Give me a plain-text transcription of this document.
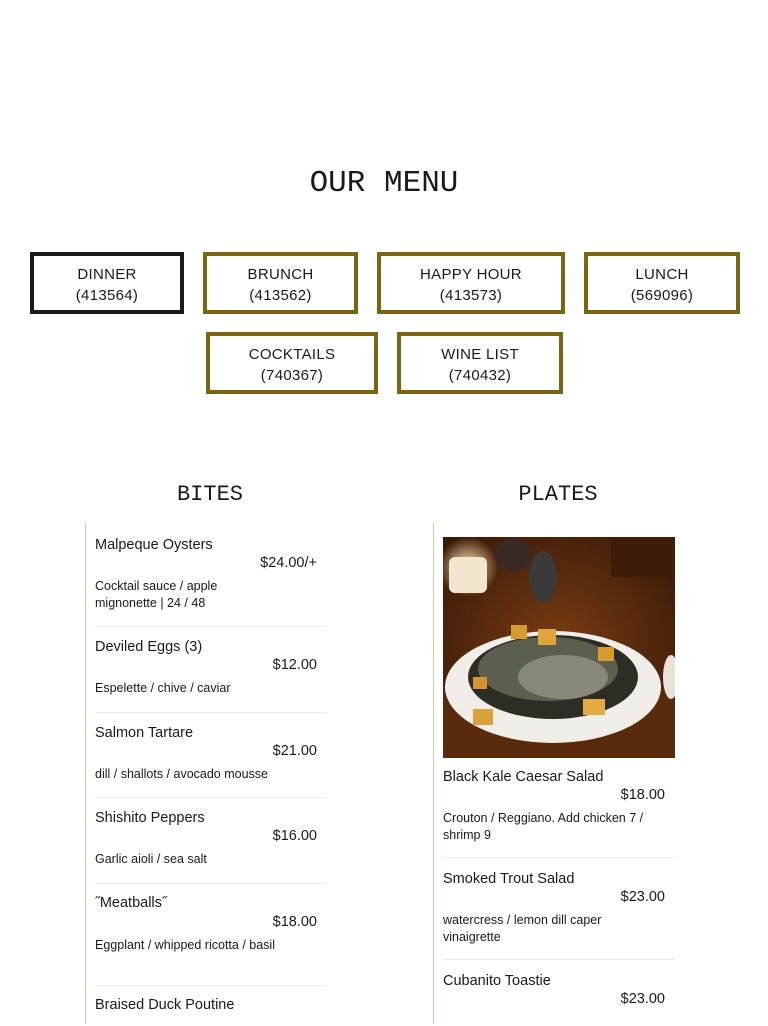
OUR MENU
DINNER
(413564)
BRUNCH
(413562)
HAPPY HOUR
(413573)
LUNCH
(569096)
COCKTAILS
(740367)
WINE LIST
(740432)
BITES	PLATES
Malpeque Oysters
$24.00/+
Cocktail sauce / apple mignonette | 24 / 48
Deviled Eggs (3)
$12.00
Espelette / chive / caviar
Salmon Tartare
$21.00
dill / shallots / avocado mousse
Shishito Peppers
$16.00
Garlic aioli / sea salt
˝Meatballs˝
$18.00
Eggplant / whipped ricotta / basil
Braised Duck Poutine
Black Kale Caesar Salad
$18.00
Crouton / Reggiano. Add chicken 7 / shrimp 9
Smoked Trout Salad
$23.00
watercress / lemon dill caper vinaigrette
Cubanito Toastie
$23.00
